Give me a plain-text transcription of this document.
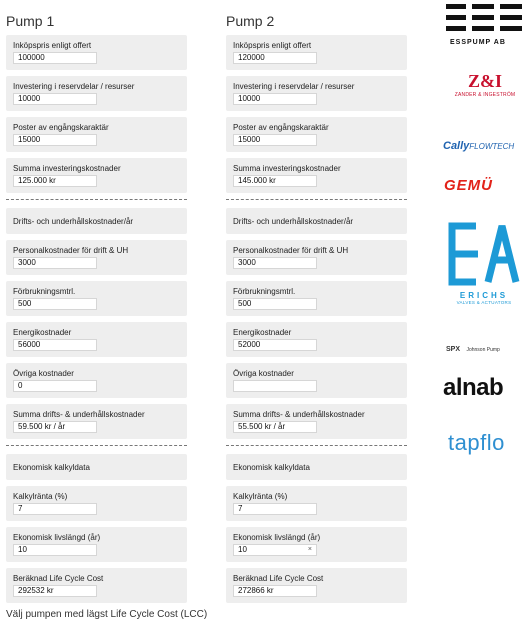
Pump 1
Inköpspris enligt offert
100000
Investering i reservdelar / resurser
10000
Poster av engångskaraktär
15000
Summa investeringskostnader
125.000 kr
Drifts- och underhållskostnader/år
Personalkostnader för drift & UH
3000
Förbrukningsmtrl.
500
Energikostnader
56000
Övriga kostnader
0
Summa drifts- & underhållskostnader
59.500 kr / år
Ekonomisk kalkyldata
Kalkylränta (%)
7
Ekonomisk livslängd (år)
10
Beräknad Life Cycle Cost
292532 kr
Pump 2
Inköpspris enligt offert
120000
Investering i reservdelar / resurser
10000
Poster av engångskaraktär
15000
Summa investeringskostnader
145.000 kr
Drifts- och underhållskostnader/år
Personalkostnader för drift & UH
3000
Förbrukningsmtrl.
500
Energikostnader
52000
Övriga kostnader
Summa drifts- & underhållskostnader
55.500 kr / år
Ekonomisk kalkyldata
Kalkylränta (%)
7
Ekonomisk livslängd (år)
10	×
Beräknad Life Cycle Cost
272866 kr
ESSPUMP AB
Z&I
ZANDER & INGESTRÖM
CallyFLOWTECH
GEMÜ
ERICHS
VALVES & ACTUATORS
SPX Johnson Pump
alnab
tapflo
Välj pumpen med lägst Life Cycle Cost (LCC)
